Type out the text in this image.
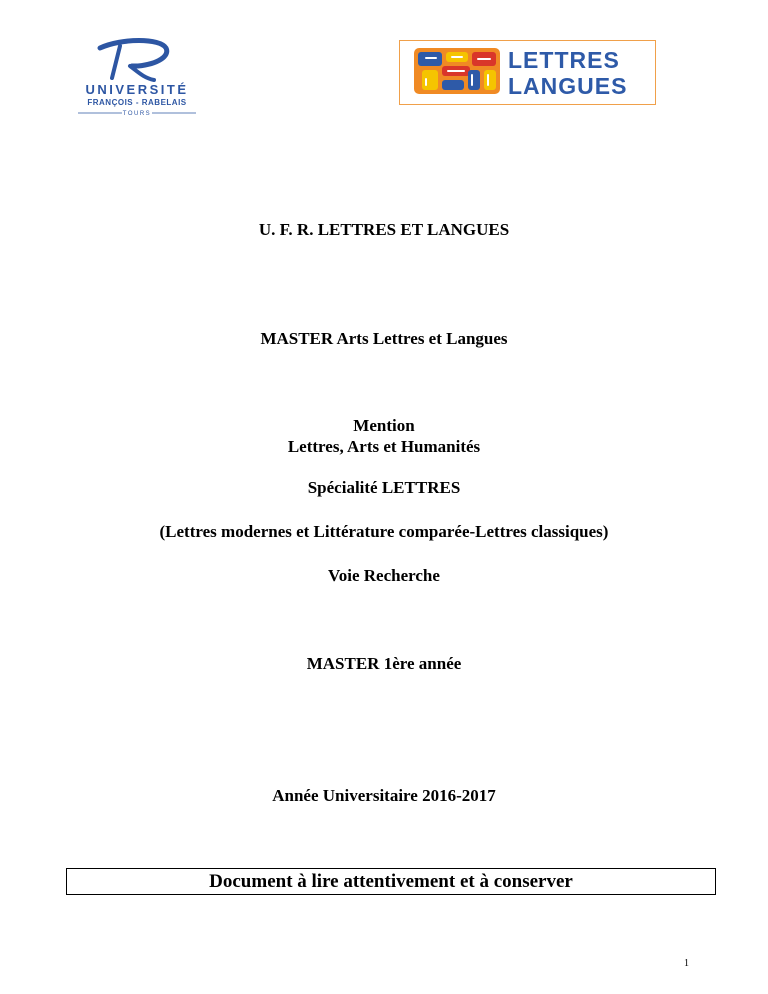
UNIVERSITÉ
FRANÇOIS - RABELAIS
TOURS
LETTRES
LANGUES
U. F. R. LETTRES ET LANGUES
MASTER Arts Lettres et Langues
Mention
Lettres, Arts et Humanités
Spécialité LETTRES
(Lettres modernes et Littérature comparée-Lettres classiques)
Voie Recherche
MASTER 1ère année
Année Universitaire 2016-2017
Document à lire attentivement et à conserver
1
